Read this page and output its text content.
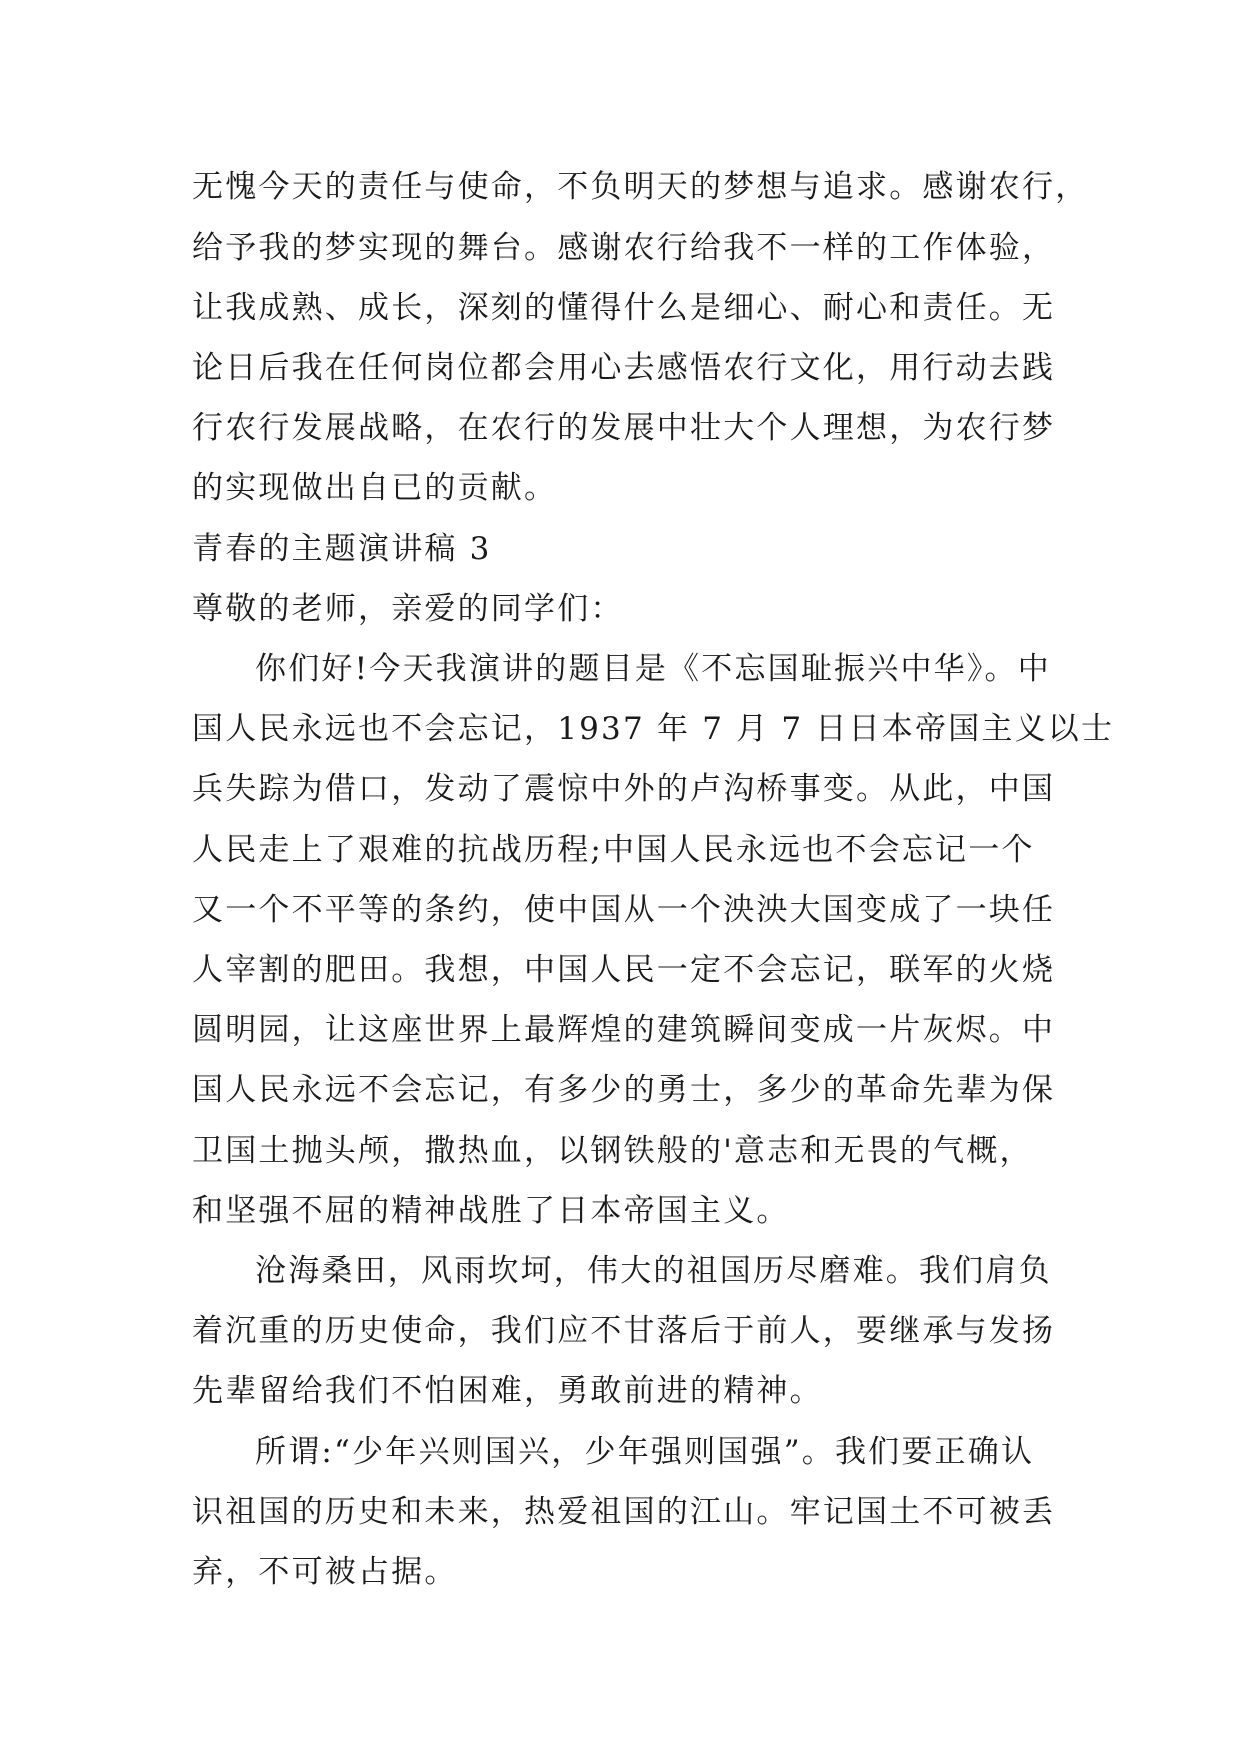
无愧今天的责任与使命，不负明天的梦想与追求。感谢农行，
给予我的梦实现的舞台。感谢农行给我不一样的工作体验，
让我成熟、成长，深刻的懂得什么是细心、耐心和责任。无
论日后我在任何岗位都会用心去感悟农行文化，用行动去践
行农行发展战略，在农行的发展中壮大个人理想，为农行梦
的实现做出自已的贡献。
青春的主题演讲稿 3
尊敬的老师，亲爱的同学们：
你们好!今天我演讲的题目是《不忘国耻振兴中华》。中
国人民永远也不会忘记，1937 年 7 月 7 日日本帝国主义以士
兵失踪为借口，发动了震惊中外的卢沟桥事变。从此，中国
人民走上了艰难的抗战历程;中国人民永远也不会忘记一个
又一个不平等的条约，使中国从一个泱泱大国变成了一块任
人宰割的肥田。我想，中国人民一定不会忘记，联军的火烧
圆明园，让这座世界上最辉煌的建筑瞬间变成一片灰烬。中
国人民永远不会忘记，有多少的勇士，多少的革命先辈为保
卫国土抛头颅，撒热血，以钢铁般的'意志和无畏的气概，
和坚强不屈的精神战胜了日本帝国主义。
沧海桑田，风雨坎坷，伟大的祖国历尽磨难。我们肩负
着沉重的历史使命，我们应不甘落后于前人，要继承与发扬
先辈留给我们不怕困难，勇敢前进的精神。
所谓:“少年兴则国兴，少年强则国强”。我们要正确认
识祖国的历史和未来，热爱祖国的江山。牢记国土不可被丢
弃，不可被占据。
